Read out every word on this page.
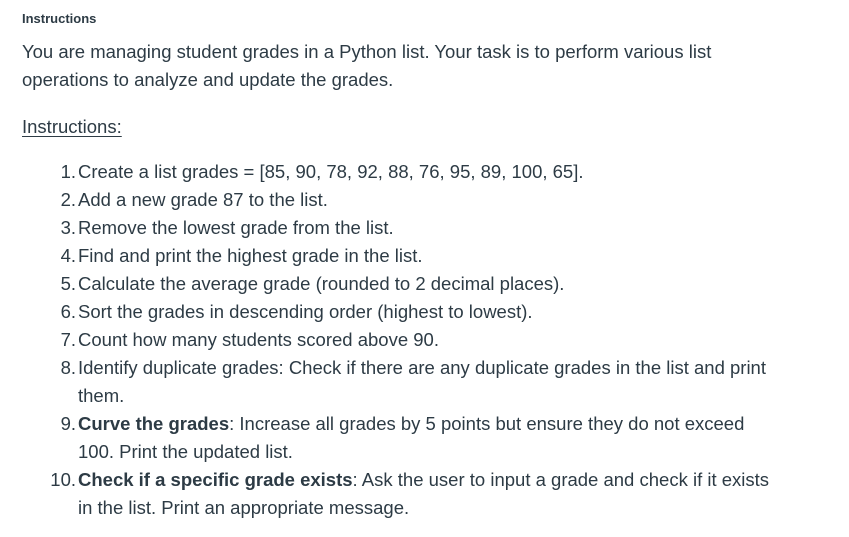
Instructions

You are managing student grades in a Python list. Your task is to perform various list operations to analyze and update the grades.

Instructions:

1. Create a list grades = [85, 90, 78, 92, 88, 76, 95, 89, 100, 65].
2. Add a new grade 87 to the list.
3. Remove the lowest grade from the list.
4. Find and print the highest grade in the list.
5. Calculate the average grade (rounded to 2 decimal places).
6. Sort the grades in descending order (highest to lowest).
7. Count how many students scored above 90.
8. Identify duplicate grades: Check if there are any duplicate grades in the list and print them.
9. Curve the grades: Increase all grades by 5 points but ensure they do not exceed 100. Print the updated list.
10. Check if a specific grade exists: Ask the user to input a grade and check if it exists in the list. Print an appropriate message.
